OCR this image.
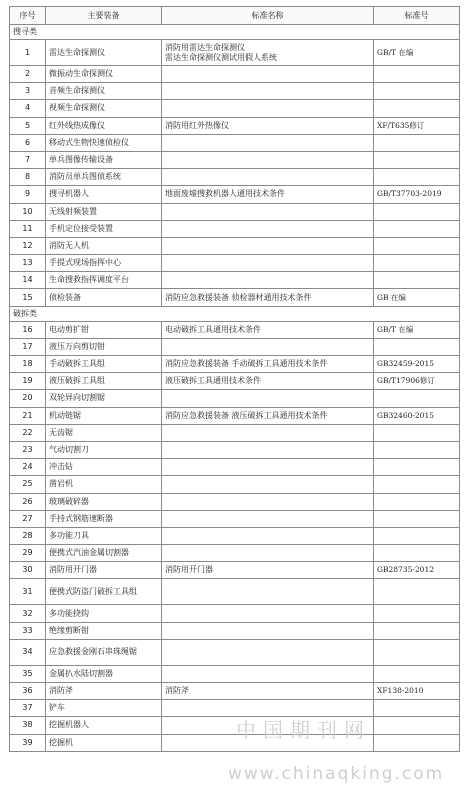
序号	主要装备	标准名称	标准号
搜寻类			
1	雷达生命探测仪	消防用雷达生命探测仪
雷达生命探测仪测试用假人系统	GB/T 在编
2	微振动生命探测仪		
3	音频生命探测仪		
4	视频生命探测仪		
5	红外线热成像仪	消防用红外热像仪	XF/T635修订
6	移动式生物快速侦检仪		
7	单兵图像传输设备		
8	消防员单兵图侦系统		
9	搜寻机器人	地面废墟搜救机器人通用技术条件	GB/T37703-2019
10	无线射频装置		
11	手机定位接受装置		
12	消防无人机		
13	手提式现场指挥中心		
14	生命搜救指挥调度平台		
15	侦检装备	消防应急救援装备 侦检器材通用技术条件	GB 在编
破拆类			
16	电动剪扩钳	电动破拆工具通用技术条件	GB/T 在编
17	液压万向剪切钳		
18	手动破拆工具组	消防应急救援装备 手动破拆工具通用技术条件	GB32459-2015
19	液压破拆工具组	液压破拆工具通用技术条件	GB/T17906修订
20	双轮异向切割锯		
21	机动链锯	消防应急救援装备 液压破拆工具通用技术条件	GB32460-2015
22	无齿锯		
23	气动切割刀		
24	冲击钻		
25	凿岩机		
26	玻璃破碎器		
27	手持式钢筋速断器		
28	多功能刀具		
29	便携式汽油金属切割器		
30	消防用开门器	消防用开门器	GB28735-2012
31	便携式防盗门破拆工具组		
32	多功能挠钩		
33	绝缘剪断钳		
34	应急救援金刚石串珠绳锯		
35	金属扒水陆切割器		
36	消防斧	消防斧	XF138-2010
37	铲车		
38	挖掘机器人		
39	挖掘机		
中国期刊网
www.chinaqking.com
